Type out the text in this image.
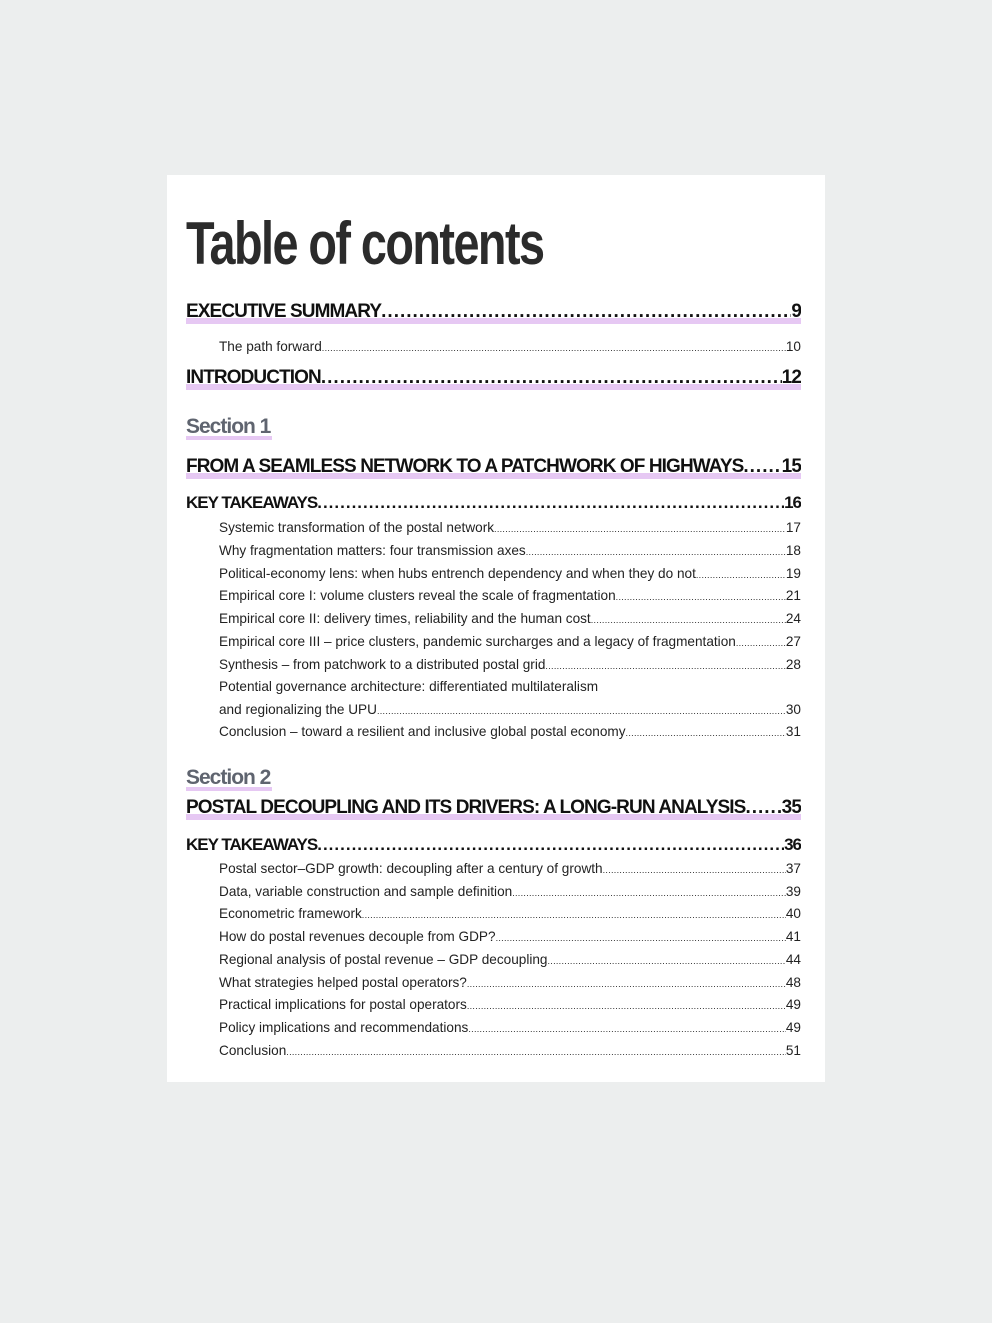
Table of contents
EXECUTIVE SUMMARY .....	9
The path forward .....	10
INTRODUCTION .....	12
Section 1
FROM A SEAMLESS NETWORK TO A PATCHWORK OF HIGHWAYS ..... 15
KEY TAKEAWAYS .....	16
Systemic transformation of the postal network .....	17
Why fragmentation matters: four transmission axes .....	18
Political-economy lens: when hubs entrench dependency and when they do not .....	19
Empirical core I: volume clusters reveal the scale of fragmentation .....	21
Empirical core II: delivery times, reliability and the human cost .....	24
Empirical core III – price clusters, pandemic surcharges and a legacy of fragmentation .....	27
Synthesis – from patchwork to a distributed postal grid .....	28
Potential governance architecture: differentiated multilateralism
and regionalizing the UPU .....	30
Conclusion – toward a resilient and inclusive global postal economy .....	31
Section 2
POSTAL DECOUPLING AND ITS DRIVERS: A LONG-RUN ANALYSIS ..... 35
KEY TAKEAWAYS .....	36
Postal sector–GDP growth: decoupling after a century of growth .....	37
Data, variable construction and sample definition .....	39
Econometric framework .....	40
How do postal revenues decouple from GDP? .....	41
Regional analysis of postal revenue – GDP decoupling .....	44
What strategies helped postal operators? .....	48
Practical implications for postal operators .....	49
Policy implications and recommendations .....	49
Conclusion .....	51
